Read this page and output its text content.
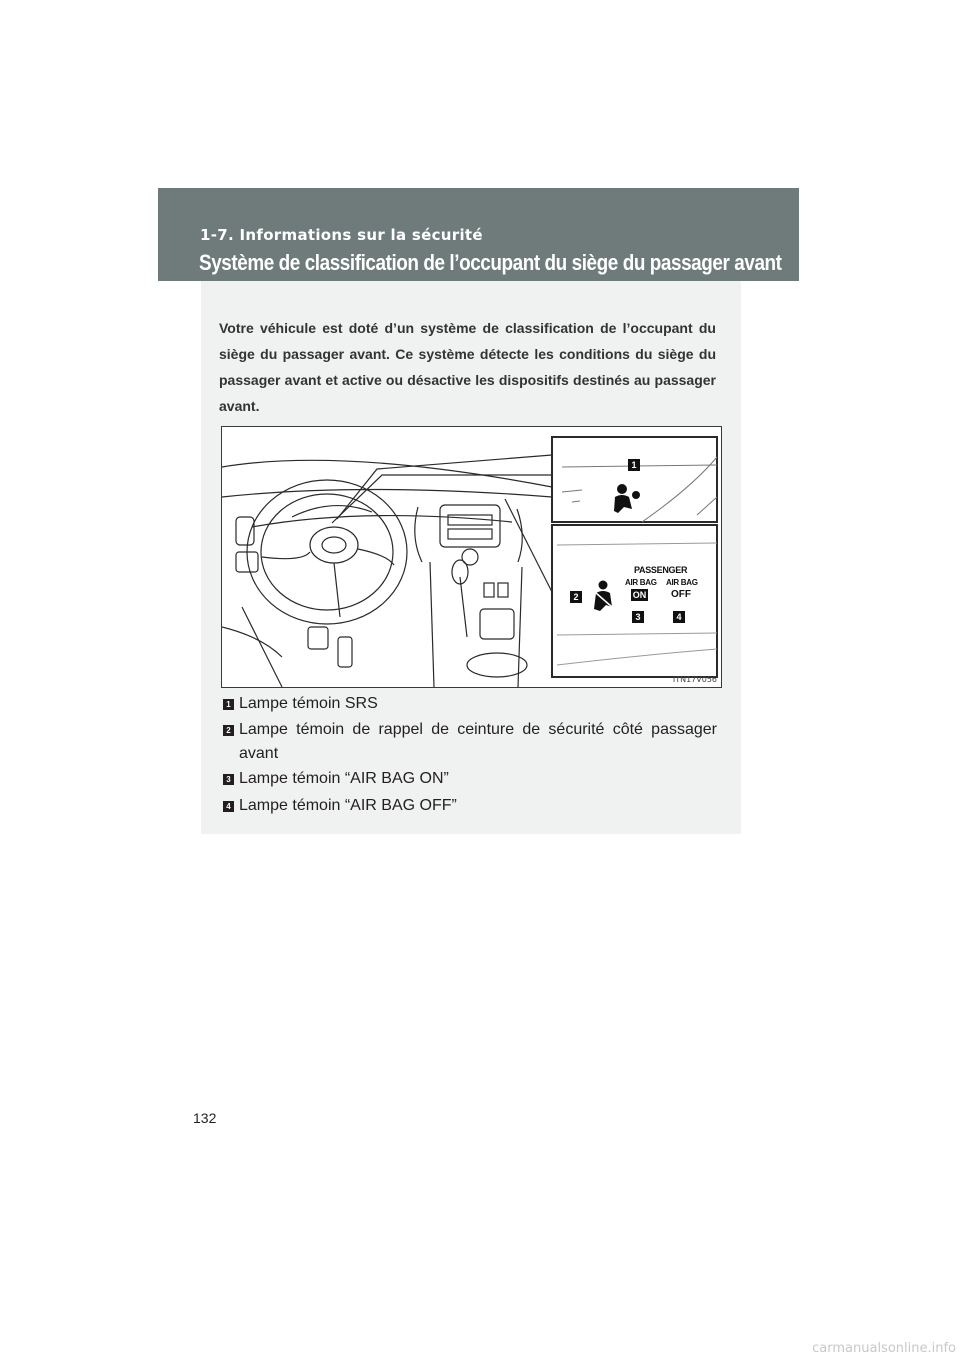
1-7. Informations sur la sécurité
Système de classification de l’occupant du siège du passager avant

Votre véhicule est doté d’un système de classification de l’occupant du siège du passager avant. Ce système détecte les conditions du siège du passager avant et active ou désactive les dispositifs destinés au passager avant.

1
2
3	4
PASSENGER
AIR BAG AIR BAG
ON OFF
ITN17V056
1 Lampe témoin SRS
2 Lampe témoin de rappel de ceinture de sécurité côté passager avant
3 Lampe témoin “AIR BAG ON”
4 Lampe témoin “AIR BAG OFF”
132
carmanualsonline.info
